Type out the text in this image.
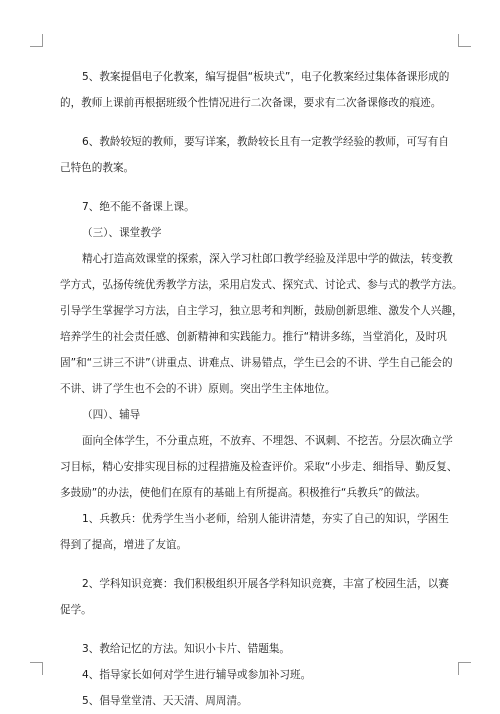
5、教案提倡电子化教案，编写提倡“板块式”，电子化教案经过集体备课形成的
的，教师上课前再根据班级个性情况进行二次备课，要求有二次备课修改的痕迹。
6、教龄较短的教师，要写详案，教龄较长且有一定教学经验的教师，可写有自
己特色的教案。
7、绝不能不备课上课。
（三）、课堂教学
精心打造高效课堂的探索，深入学习杜郎口教学经验及洋思中学的做法，转变教
学方式，弘扬传统优秀教学方法，采用启发式、探究式、讨论式、参与式的教学方法。
引导学生掌握学习方法，自主学习，独立思考和判断，鼓励创新思维、激发个人兴趣，
培养学生的社会责任感、创新精神和实践能力。推行“精讲多练，当堂消化，及时巩
固”和“三讲三不讲”（讲重点、讲难点、讲易错点，学生已会的不讲、学生自己能会的
不讲、讲了学生也不会的不讲）原则。突出学生主体地位。
（四）、辅导
面向全体学生，不分重点班，不放弃、不埋怨、不讽刺、不挖苦。分层次确立学
习目标，精心安排实现目标的过程措施及检查评价。采取“小步走、细指导、勤反复、
多鼓励”的办法，使他们在原有的基础上有所提高。积极推行“兵教兵”的做法。
1、兵教兵：优秀学生当小老师，给别人能讲清楚，夯实了自己的知识，学困生
得到了提高，增进了友谊。
2、学科知识竞赛：我们积极组织开展各学科知识竞赛，丰富了校园生活，以赛
促学。
3、教给记忆的方法。知识小卡片、错题集。
4、指导家长如何对学生进行辅导或参加补习班。
5、倡导堂堂清、天天清、周周清。
